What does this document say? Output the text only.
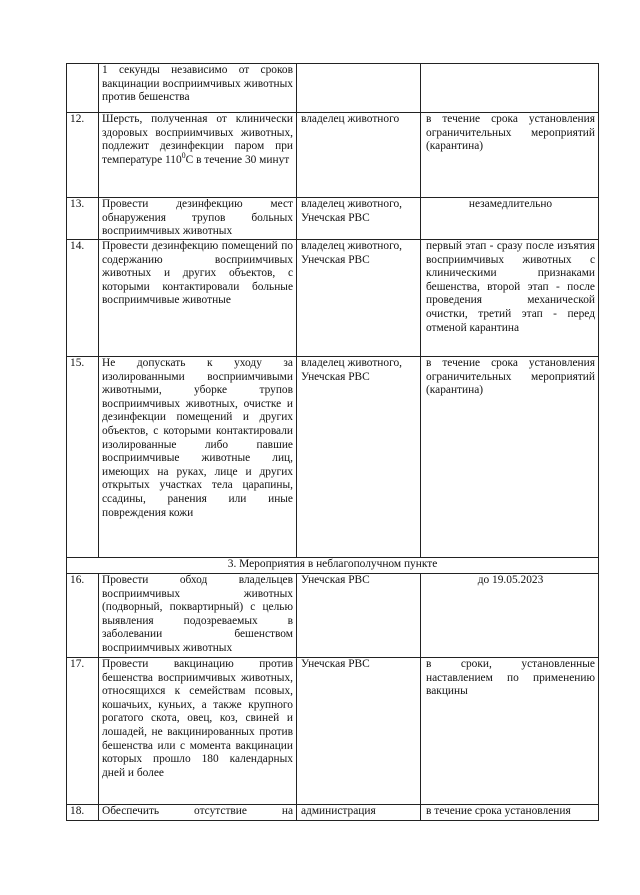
	1 секунды независимо от сроков вакцинации восприимчивых животных против бешенства		
12.	Шерсть, полученная от клинически здоровых восприимчивых животных, подлежит дезинфекции паром при температуре $110^0С$ в течение 30 минут	владелец животного	в течение срока установления ограничительных мероприятий (карантина)
13.	Провести дезинфекцию мест обнаружения трупов больных восприимчивых животных	владелец животного, Унечская РВС	незамедлительно
14.	Провести дезинфекцию помещений по содержанию восприимчивых животных и других объектов, с которыми контактировали больные восприимчивые животные	владелец животного, Унечская РВС	первый этап - сразу после изъятия восприимчивых животных с клиническими признаками бешенства, второй этап - после проведения механической очистки, третий этап - перед отменой карантина
15.	Не допускать к уходу за изолированными восприимчивыми животными, уборке трупов восприимчивых животных, очистке и дезинфекции помещений и других объектов, с которыми контактировали изолированные либо павшие восприимчивые животные лиц, имеющих на руках, лице и других открытых участках тела царапины, ссадины, ранения или иные повреждения кожи	владелец животного, Унечская РВС	в течение срока установления ограничительных мероприятий (карантина)
3. Мероприятия в неблагополучном пункте			
16.	Провести обход владельцев восприимчивых животных (подворный, поквартирный) с целью выявления подозреваемых в заболевании бешенством восприимчивых животных	Унечская РВС	до 19.05.2023
17.	Провести вакцинацию против бешенства восприимчивых животных, относящихся к семействам псовых, кошачьих, куньих, а также крупного рогатого скота, овец, коз, свиней и лошадей, не вакцинированных против бешенства или с момента вакцинации которых прошло 180 календарных дней и более	Унечская РВС	в сроки, установленные наставлением по применению вакцины
18.	Обеспечить отсутствие на	администрация	в течение срока установления
